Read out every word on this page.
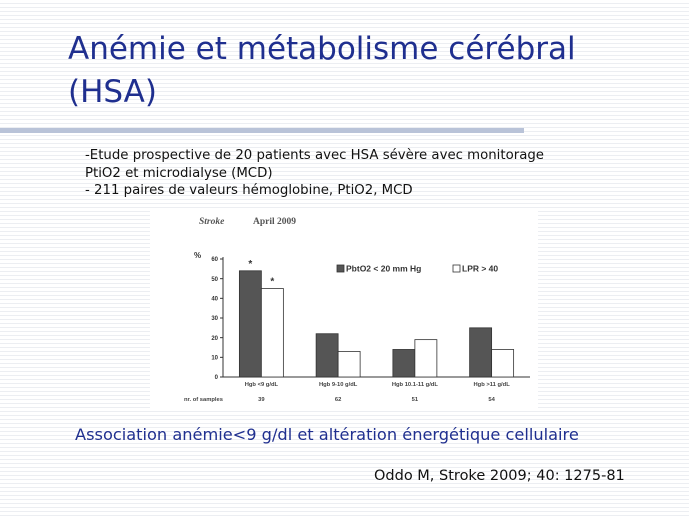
Anémie et métabolisme cérébral
(HSA)
-Etude prospective de 20 patients avec HSA sévère avec monitorage
PtiO2 et microdialyse (MCD)
- 211 paires de valeurs hémoglobine, PtiO2, MCD
Stroke	April 2009
%
0
10
20
30
40
50
60	*
*
Hgb <9 g/dL
39
Hgb 9-10 g/dL
62
Hgb 10.1-11 g/dL
51
Hgb >11 g/dL
54
nr. of samples
PbtO2 < 20 mm Hg	LPR > 40
Association anémie<9 g/dl et altération énergétique cellulaire
Oddo M, Stroke 2009; 40: 1275-81
